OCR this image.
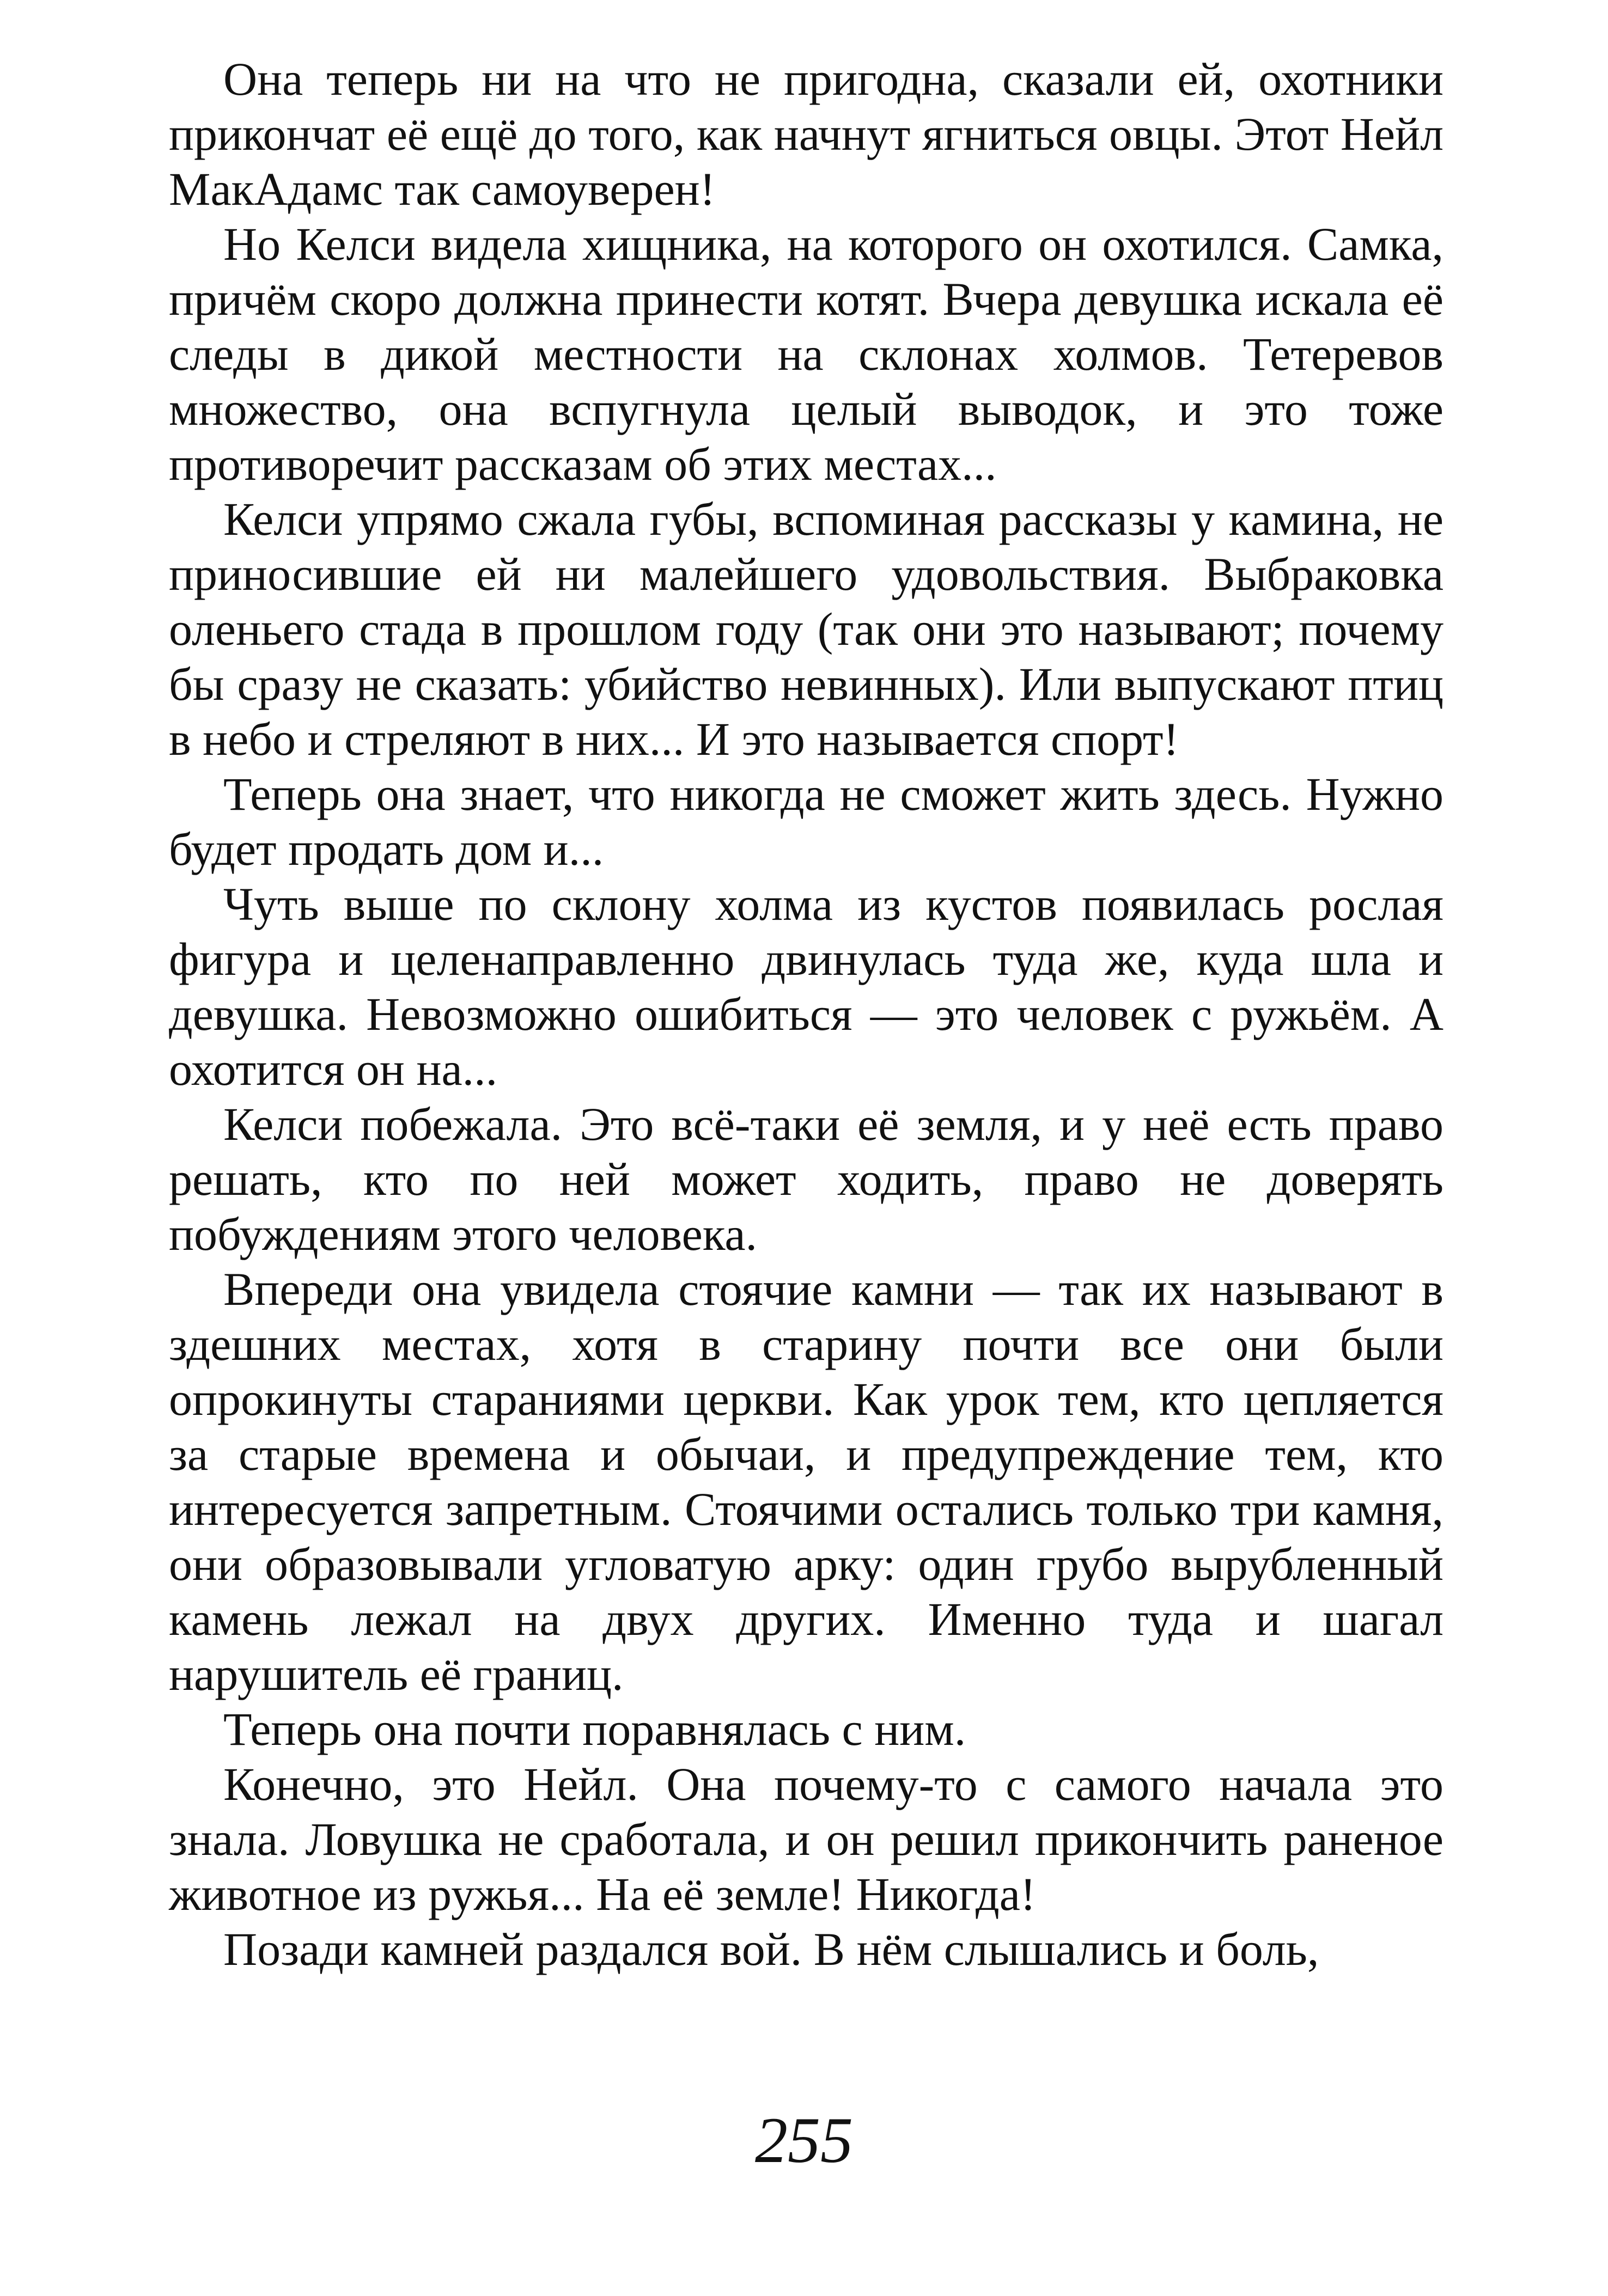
Она теперь ни на что не пригодна, сказали ей, охотники прикончат её ещё до того, как начнут ягниться овцы. Этот Нейл МакАдамс так самоуверен!

Но Келси видела хищника, на которого он охотился. Самка, причём скоро должна принести котят. Вчера девушка искала её следы в дикой местности на склонах холмов. Тетеревов множество, она вспугнула целый выводок, и это тоже противоречит рассказам об этих местах...

Келси упрямо сжала губы, вспоминая рассказы у камина, не приносившие ей ни малейшего удовольствия. Выбраковка оленьего стада в прошлом году (так они это называют; почему бы сразу не сказать: убийство невинных). Или выпускают птиц в небо и стреляют в них... И это называется спорт!

Теперь она знает, что никогда не сможет жить здесь. Нужно будет продать дом и...

Чуть выше по склону холма из кустов появилась рослая фигура и целенаправленно двинулась туда же, куда шла и девушка. Невозможно ошибиться — это человек с ружьём. А охотится он на...

Келси побежала. Это всё-таки её земля, и у неё есть право решать, кто по ней может ходить, право не доверять побуждениям этого человека.

Впереди она увидела стоячие камни — так их называют в здешних местах, хотя в старину почти все они были опрокинуты стараниями церкви. Как урок тем, кто цепляется за старые времена и обычаи, и предупреждение тем, кто интересуется запретным. Стоячими остались только три камня, они образовывали угловатую арку: один грубо вырубленный камень лежал на двух других. Именно туда и шагал нарушитель её границ.

Теперь она почти поравнялась с ним.

Конечно, это Нейл. Она почему-то с самого начала это знала. Ловушка не сработала, и он решил прикончить раненое животное из ружья... На её земле! Никогда!

Позади камней раздался вой. В нём слышались и боль,

255
